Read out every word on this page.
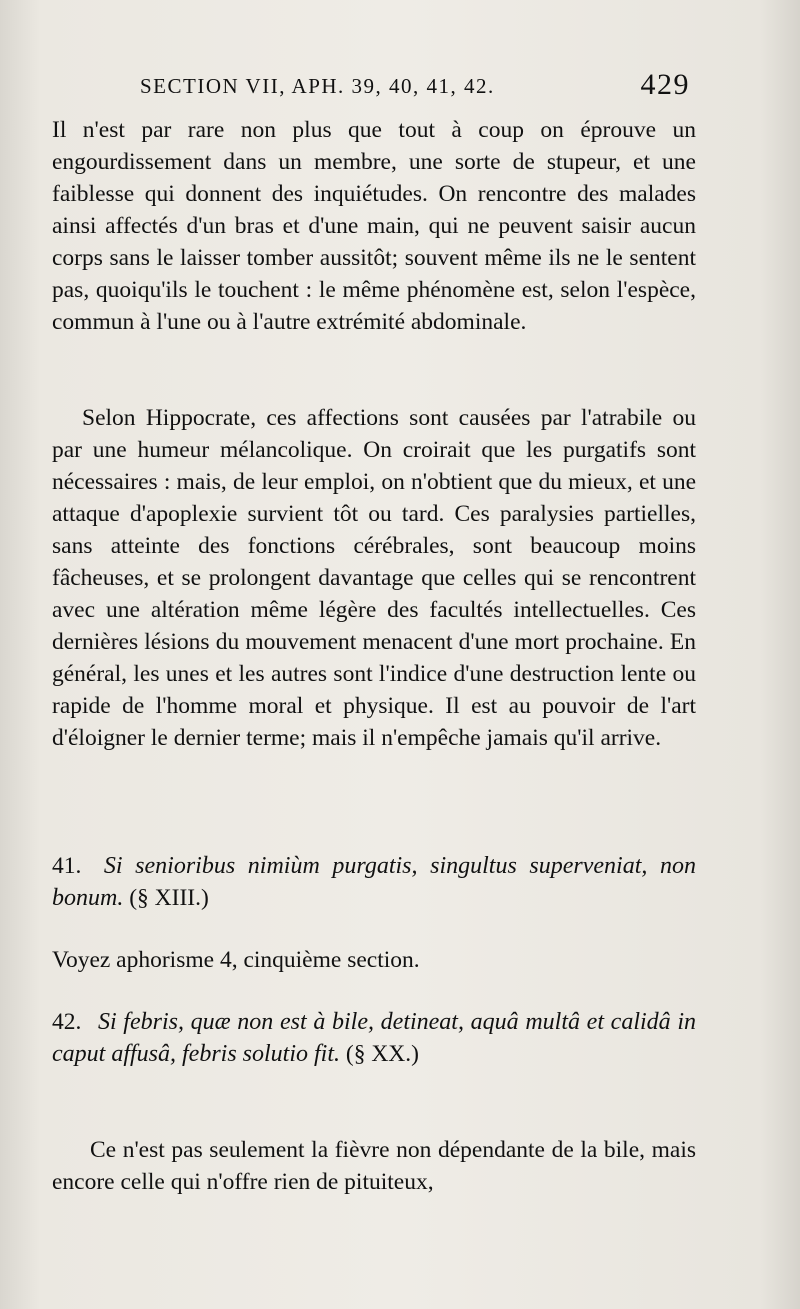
SECTION VII, APH. 39, 40, 41, 42.	429
Il n'est par rare non plus que tout à coup on éprouve un engourdissement dans un membre, une sorte de stupeur, et une faiblesse qui donnent des inquiétudes. On rencontre des malades ainsi affectés d'un bras et d'une main, qui ne peuvent saisir aucun corps sans le laisser tomber aussitôt; souvent même ils ne le sentent pas, quoiqu'ils le touchent : le même phénomène est, selon l'espèce, commun à l'une ou à l'autre extrémité abdominale.
Selon Hippocrate, ces affections sont causées par l'atrabile ou par une humeur mélancolique. On croirait que les purgatifs sont nécessaires : mais, de leur emploi, on n'obtient que du mieux, et une attaque d'apoplexie survient tôt ou tard. Ces paralysies partielles, sans atteinte des fonctions cérébrales, sont beaucoup moins fâcheuses, et se prolongent davantage que celles qui se rencontrent avec une altération même légère des facultés intellectuelles. Ces dernières lésions du mouvement menacent d'une mort prochaine. En général, les unes et les autres sont l'indice d'une destruction lente ou rapide de l'homme moral et physique. Il est au pouvoir de l'art d'éloigner le dernier terme; mais il n'empêche jamais qu'il arrive.
41. Si senioribus nimiùm purgatis, singultus superveniat, non bonum. (§ XIII.)
Voyez aphorisme 4, cinquième section.
42. Si febris, quæ non est à bile, detineat, aquâ multâ et calidâ in caput affusâ, febris solutio fit. (§ XX.)
Ce n'est pas seulement la fièvre non dépendante de la bile, mais encore celle qui n'offre rien de pituiteux,
